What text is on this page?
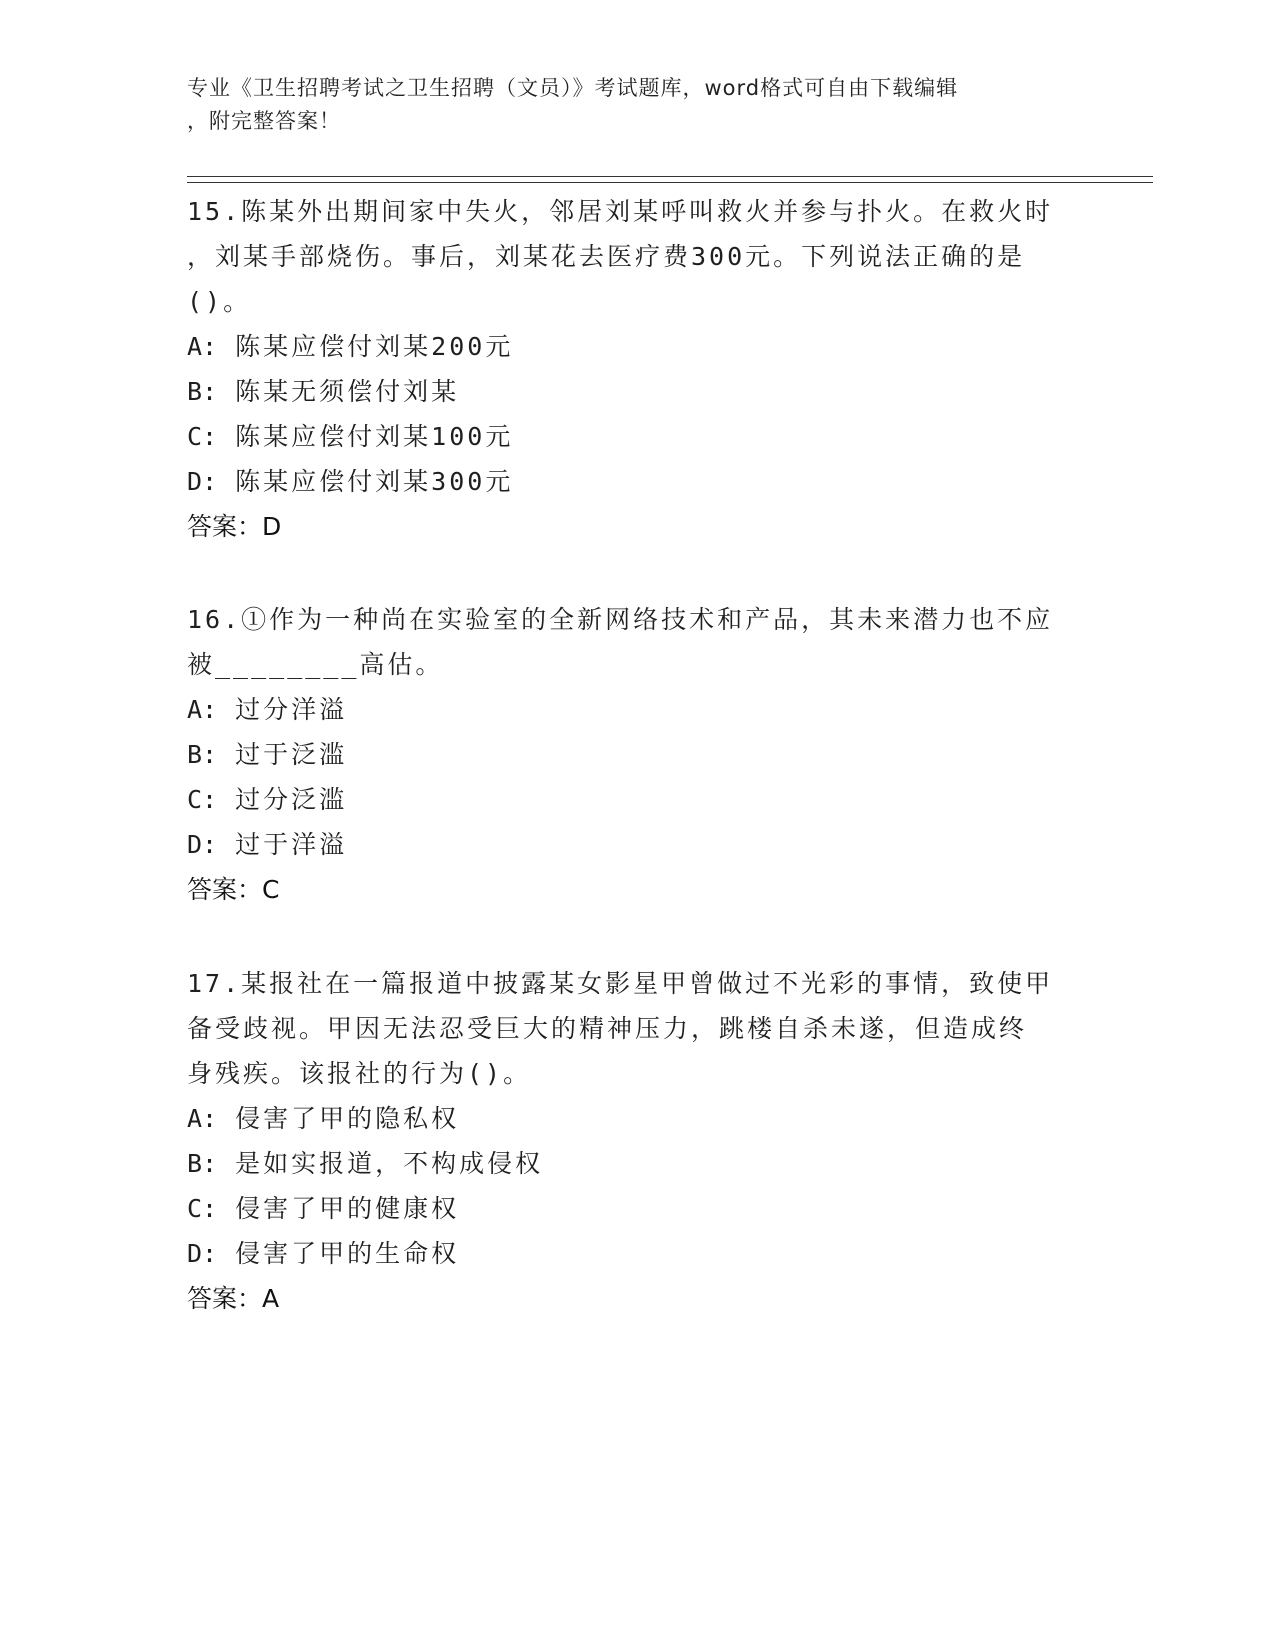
专业《卫生招聘考试之卫生招聘（文员）》考试题库，word格式可自由下载编辑
，附完整答案！

15.陈某外出期间家中失火，邻居刘某呼叫救火并参与扑火。在救火时

，刘某手部烧伤。事后，刘某花去医疗费300元。下列说法正确的是

()。

A: 陈某应偿付刘某200元

B: 陈某无须偿付刘某

C: 陈某应偿付刘某100元

D: 陈某应偿付刘某300元

答案：D

16.①作为一种尚在实验室的全新网络技术和产品，其未来潜力也不应

被________高估。

A: 过分洋溢

B: 过于泛滥

C: 过分泛滥

D: 过于洋溢

答案：C

17.某报社在一篇报道中披露某女影星甲曾做过不光彩的事情，致使甲

备受歧视。甲因无法忍受巨大的精神压力，跳楼自杀未遂，但造成终

身残疾。该报社的行为()。

A: 侵害了甲的隐私权

B: 是如实报道，不构成侵权

C: 侵害了甲的健康权

D: 侵害了甲的生命权

答案：A
